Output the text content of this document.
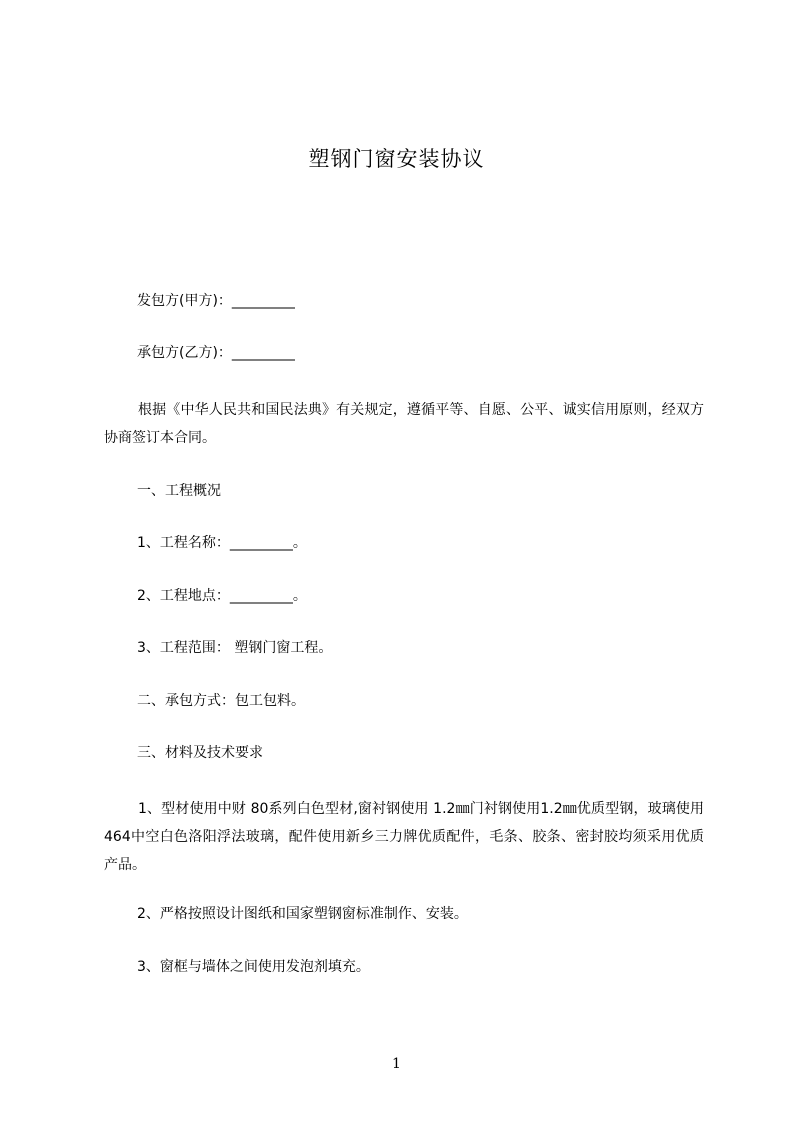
塑钢门窗安装协议
发包方(甲方)：_________
承包方(乙方)：_________
根据《中华人民共和国民法典》有关规定，遵循平等、自愿、公平、诚实信用原则，经双方协商签订本合同。
一、工程概况
1、工程名称：_________。
2、工程地点：_________。
3、工程范围： 塑钢门窗工程。
二、承包方式：包工包料。
三、材料及技术要求
1、型材使用中财 80系列白色型材,窗衬钢使用 1.2㎜门衬钢使用1.2㎜优质型钢，玻璃使用464中空白色洛阳浮法玻璃，配件使用新乡三力牌优质配件，毛条、胶条、密封胶均须采用优质产品。
2、严格按照设计图纸和国家塑钢窗标准制作、安装。
3、窗框与墙体之间使用发泡剂填充。
1
